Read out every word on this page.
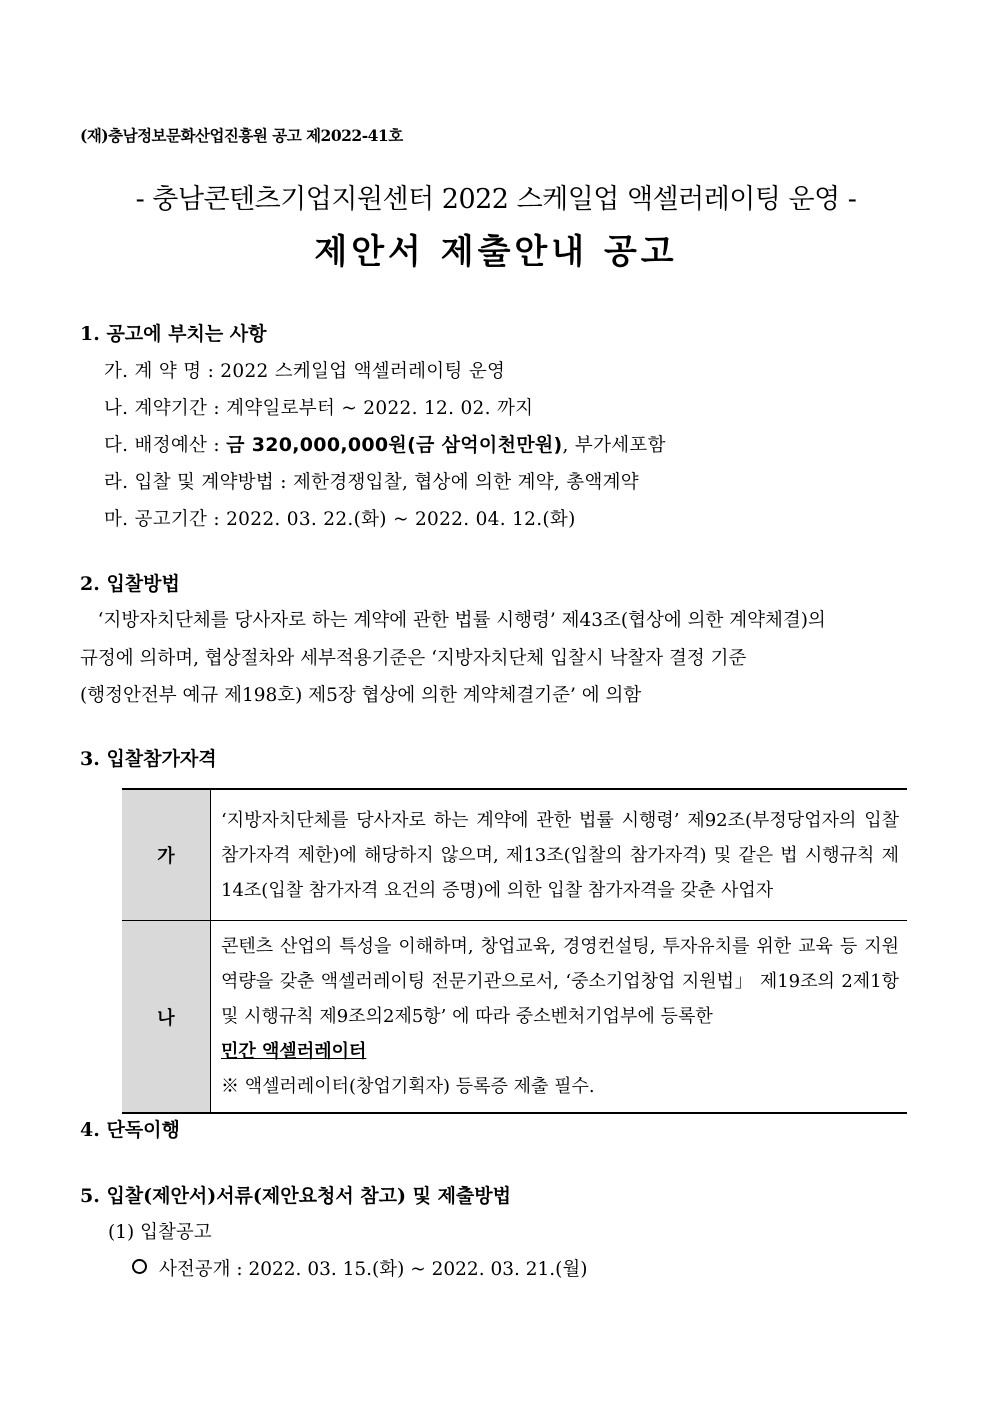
(재)충남정보문화산업진흥원 공고 제2022-41호
- 충남콘텐츠기업지원센터 2022 스케일업 액셀러레이팅 운영 -
제안서 제출안내 공고
1. 공고에 부치는 사항
가. 계 약 명 : 2022 스케일업 액셀러레이팅 운영
나. 계약기간 : 계약일로부터 ~ 2022. 12. 02. 까지
다. 배정예산 : 금 320,000,000원(금 삼억이천만원), 부가세포함
라. 입찰 및 계약방법 : 제한경쟁입찰, 협상에 의한 계약, 총액계약
마. 공고기간 : 2022. 03. 22.(화) ~ 2022. 04. 12.(화)
2. 입찰방법
‘지방자치단체를 당사자로 하는 계약에 관한 법률 시행령’ 제43조(협상에 의한 계약체결)의
규정에 의하며, 협상절차와 세부적용기준은 ‘지방자치단체 입찰시 낙찰자 결정 기준
(행정안전부 예규 제198호) 제5장 협상에 의한 계약체결기준’ 에 의함
3. 입찰참가자격
가	‘지방자치단체를 당사자로 하는 계약에 관한 법률 시행령’ 제92조(부정당업자의 입찰 참가자격 제한)에 해당하지 않으며, 제13조(입찰의 참가자격) 및 같은 법 시행규칙 제14조(입찰 참가자격 요건의 증명)에 의한 입찰 참가자격을 갖춘 사업자
나	콘텐츠 산업의 특성을 이해하며, 창업교육, 경영컨설팅, 투자유치를 위한 교육 등 지원역량을 갖춘 액셀러레이팅 전문기관으로서, ‘중소기업창업 지원법」 제19조의 2제1항 및 시행규칙 제9조의2제5항’ 에 따라 중소벤처기업부에 등록한
민간 액셀러레이터
※ 액셀러레이터(창업기획자) 등록증 제출 필수.
4. 단독이행
5. 입찰(제안서)서류(제안요청서 참고) 및 제출방법
(1) 입찰공고
사전공개 : 2022. 03. 15.(화) ~ 2022. 03. 21.(월)
